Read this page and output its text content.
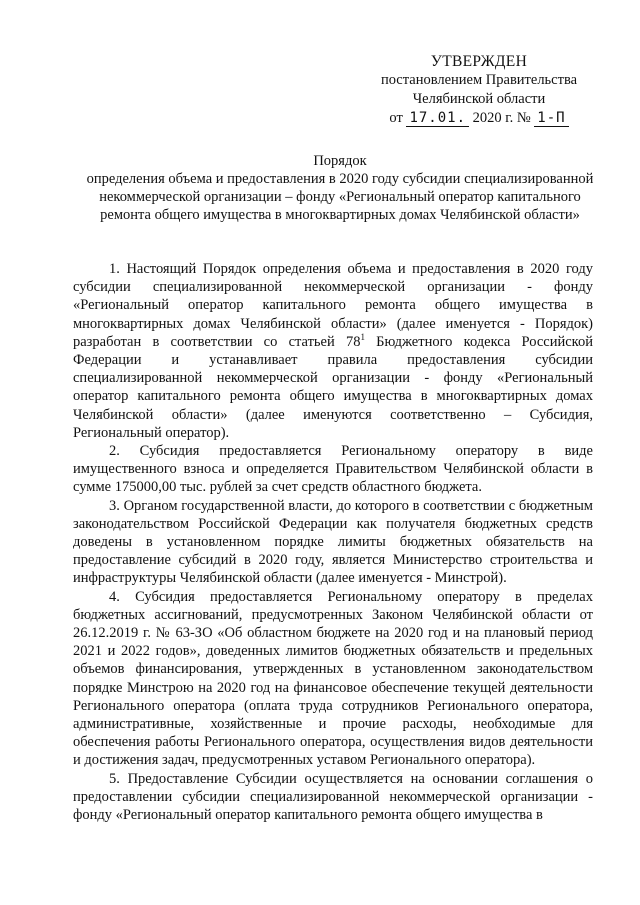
УТВЕРЖДЕН
постановлением Правительства
Челябинской области
от 17.01. 2020 г. № 1-П
Порядок
определения объема и предоставления в 2020 году субсидии специализированной некоммерческой организации – фонду «Региональный оператор капитального ремонта общего имущества в многоквартирных домах Челябинской области»

1. Настоящий Порядок определения объема и предоставления в 2020 году субсидии специализированной некоммерческой организации - фонду «Региональный оператор капитального ремонта общего имущества в многоквартирных домах Челябинской области» (далее именуется - Порядок) разработан в соответствии со статьей $78^1$ Бюджетного кодекса Российской Федерации и устанавливает правила предоставления субсидии специализированной некоммерческой организации - фонду «Региональный оператор капитального ремонта общего имущества в многоквартирных домах Челябинской области» (далее именуются соответственно – Субсидия, Региональный оператор).

2. Субсидия предоставляется Региональному оператору в виде имущественного взноса и определяется Правительством Челябинской области в сумме 175000,00 тыс. рублей за счет средств областного бюджета.

3. Органом государственной власти, до которого в соответствии с бюджетным законодательством Российской Федерации как получателя бюджетных средств доведены в установленном порядке лимиты бюджетных обязательств на предоставление субсидий в 2020 году, является Министерство строительства и инфраструктуры Челябинской области (далее именуется - Минстрой).

4. Субсидия предоставляется Региональному оператору в пределах бюджетных ассигнований, предусмотренных Законом Челябинской области от 26.12.2019 г. № 63-ЗО «Об областном бюджете на 2020 год и на плановый период 2021 и 2022 годов», доведенных лимитов бюджетных обязательств и предельных объемов финансирования, утвержденных в установленном законодательством порядке Минстрою на 2020 год на финансовое обеспечение текущей деятельности Регионального оператора (оплата труда сотрудников Регионального оператора, административные, хозяйственные и прочие расходы, необходимые для обеспечения работы Регионального оператора, осуществления видов деятельности и достижения задач, предусмотренных уставом Регионального оператора).

5. Предоставление Субсидии осуществляется на основании соглашения о предоставлении субсидии специализированной некоммерческой организации - фонду «Региональный оператор капитального ремонта общего имущества в
